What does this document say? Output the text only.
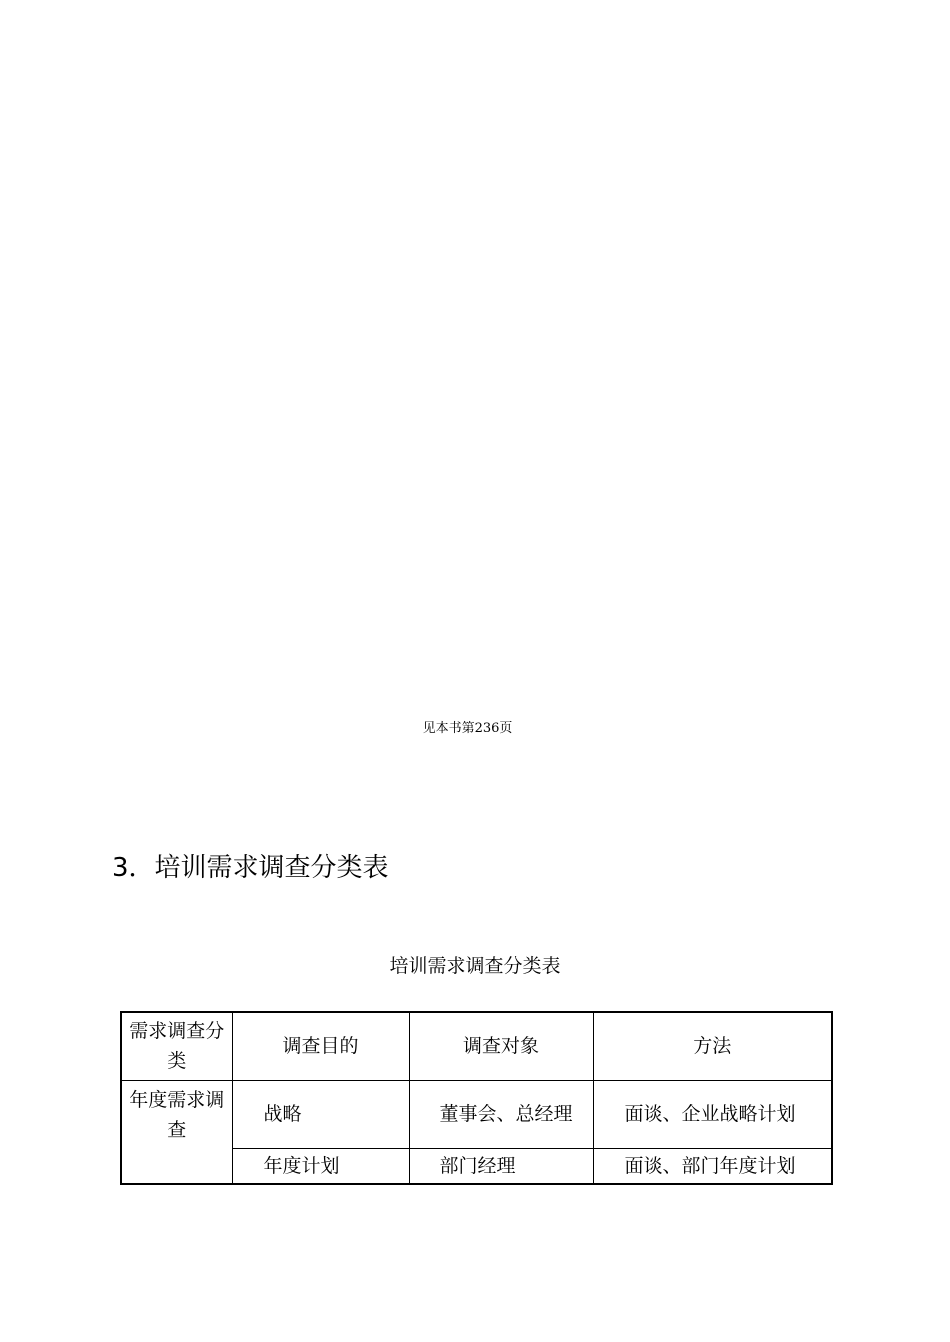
见本书第236页
3．培训需求调查分类表
培训需求调查分类表
需求调查分类	调查目的	调查对象	方法
年度需求调查	战略	董事会、总经理	面谈、企业战略计划
	年度计划	部门经理	面谈、部门年度计划
